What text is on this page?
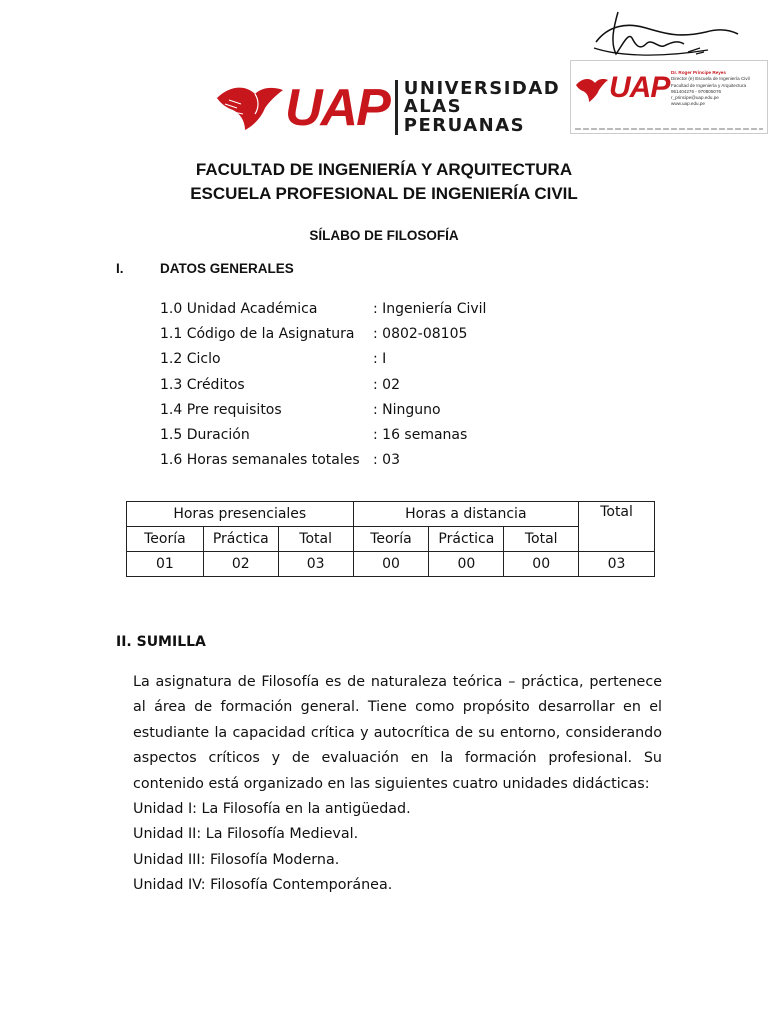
UAP UNIVERSIDAD
ALAS PERUANAS
UAP Dr. Roger Principe Reyes
Director (e) Escuela de Ingeniería Civil
Facultad de Ingeniería y Arquitectura
951404276 - 970805076
r_principe@uap.edu.pe
www.uap.edu.pe
FACULTAD DE INGENIERÍA Y ARQUITECTURA
ESCUELA PROFESIONAL DE INGENIERÍA CIVIL
SÍLABO DE FILOSOFÍA
I.	DATOS GENERALES
1.0 Unidad Académica	: Ingeniería Civil
1.1 Código de la Asignatura : 0802-08105
1.2 Ciclo	: I
1.3 Créditos	: 02
1.4 Pre requisitos	: Ninguno
1.5 Duración	: 16 semanas
1.6 Horas semanales totales : 03
Horas presenciales			Horas a distancia			Total
Teoría	Práctica	Total	Teoría	Práctica	Total	
01	02	03	00	00	00	03
II. SUMILLA

La asignatura de Filosofía es de naturaleza teórica – práctica, pertenece al área de formación general. Tiene como propósito desarrollar en el estudiante la capacidad crítica y autocrítica de su entorno, considerando aspectos críticos y de evaluación en la formación profesional. Su contenido está organizado en las siguientes cuatro unidades didácticas:

Unidad I: La Filosofía en la antigüedad.

Unidad II: La Filosofía Medieval.

Unidad III: Filosofía Moderna.

Unidad IV: Filosofía Contemporánea.
